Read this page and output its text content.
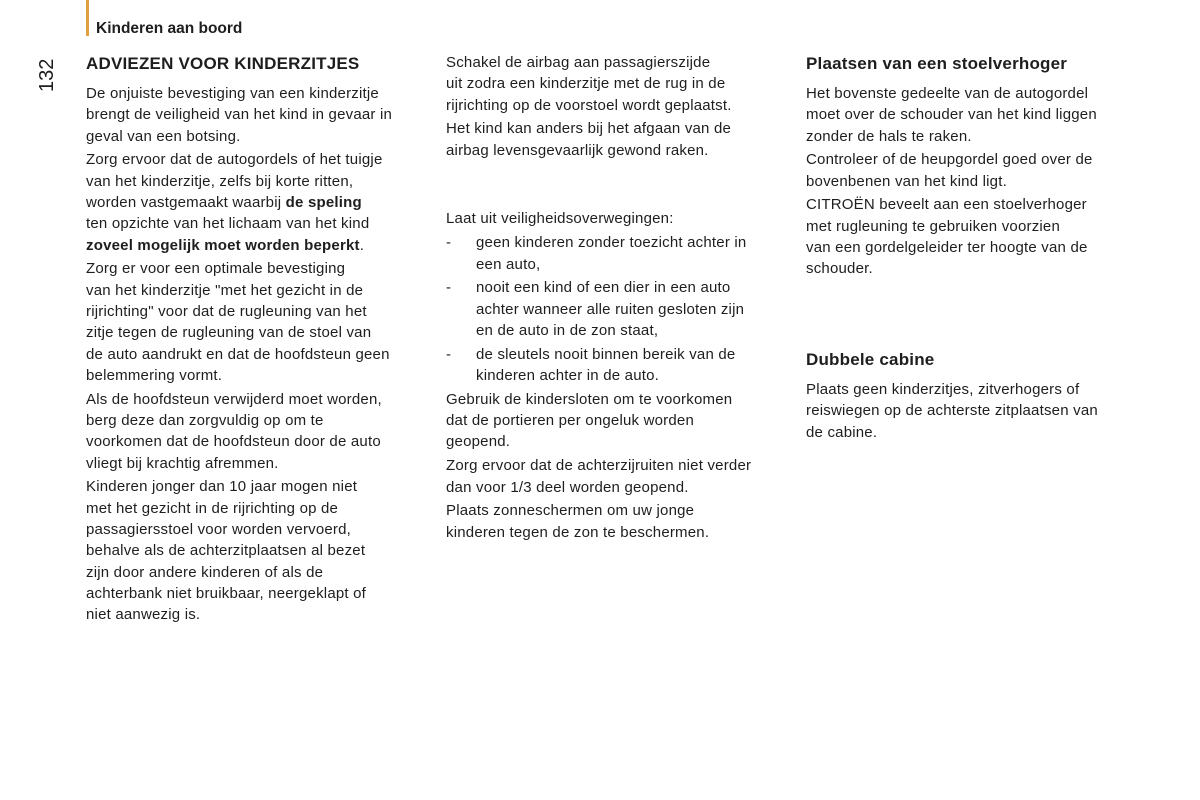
Kinderen aan boord
132 ADVIEZEN VOOR KINDERZITJES

De onjuiste bevestiging van een kinderzitje
brengt de veiligheid van het kind in gevaar in
geval van een botsing.

Zorg ervoor dat de autogordels of het tuigje
van het kinderzitje, zelfs bij korte ritten,
worden vastgemaakt waarbij de speling
ten opzichte van het lichaam van het kind
zoveel mogelijk moet worden beperkt.

Zorg er voor een optimale bevestiging
van het kinderzitje "met het gezicht in de
rijrichting" voor dat de rugleuning van het
zitje tegen de rugleuning van de stoel van
de auto aandrukt en dat de hoofdsteun geen
belemmering vormt.

Als de hoofdsteun verwijderd moet worden,
berg deze dan zorgvuldig op om te
voorkomen dat de hoofdsteun door de auto
vliegt bij krachtig afremmen.

Kinderen jonger dan 10 jaar mogen niet
met het gezicht in de rijrichting op de
passagiersstoel voor worden vervoerd,
behalve als de achterzitplaatsen al bezet
zijn door andere kinderen of als de
achterbank niet bruikbaar, neergeklapt of
niet aanwezig is.

Schakel de airbag aan passagierszijde
uit zodra een kinderzitje met de rug in de
rijrichting op de voorstoel wordt geplaatst.

Het kind kan anders bij het afgaan van de
airbag levensgevaarlijk gewond raken.

Laat uit veiligheidsoverwegingen:

- geen kinderen zonder toezicht achter in
een auto,
- nooit een kind of een dier in een auto
achter wanneer alle ruiten gesloten zijn
en de auto in de zon staat,
- de sleutels nooit binnen bereik van de
kinderen achter in de auto.

Gebruik de kindersloten om te voorkomen
dat de portieren per ongeluk worden
geopend.

Zorg ervoor dat de achterzijruiten niet verder
dan voor 1/3 deel worden geopend.

Plaats zonneschermen om uw jonge
kinderen tegen de zon te beschermen.

Plaatsen van een stoelverhoger

Het bovenste gedeelte van de autogordel
moet over de schouder van het kind liggen
zonder de hals te raken.

Controleer of de heupgordel goed over de
bovenbenen van het kind ligt.

CITROËN beveelt aan een stoelverhoger
met rugleuning te gebruiken voorzien
van een gordelgeleider ter hoogte van de
schouder.

Dubbele cabine

Plaats geen kinderzitjes, zitverhogers of
reiswiegen op de achterste zitplaatsen van
de cabine.
